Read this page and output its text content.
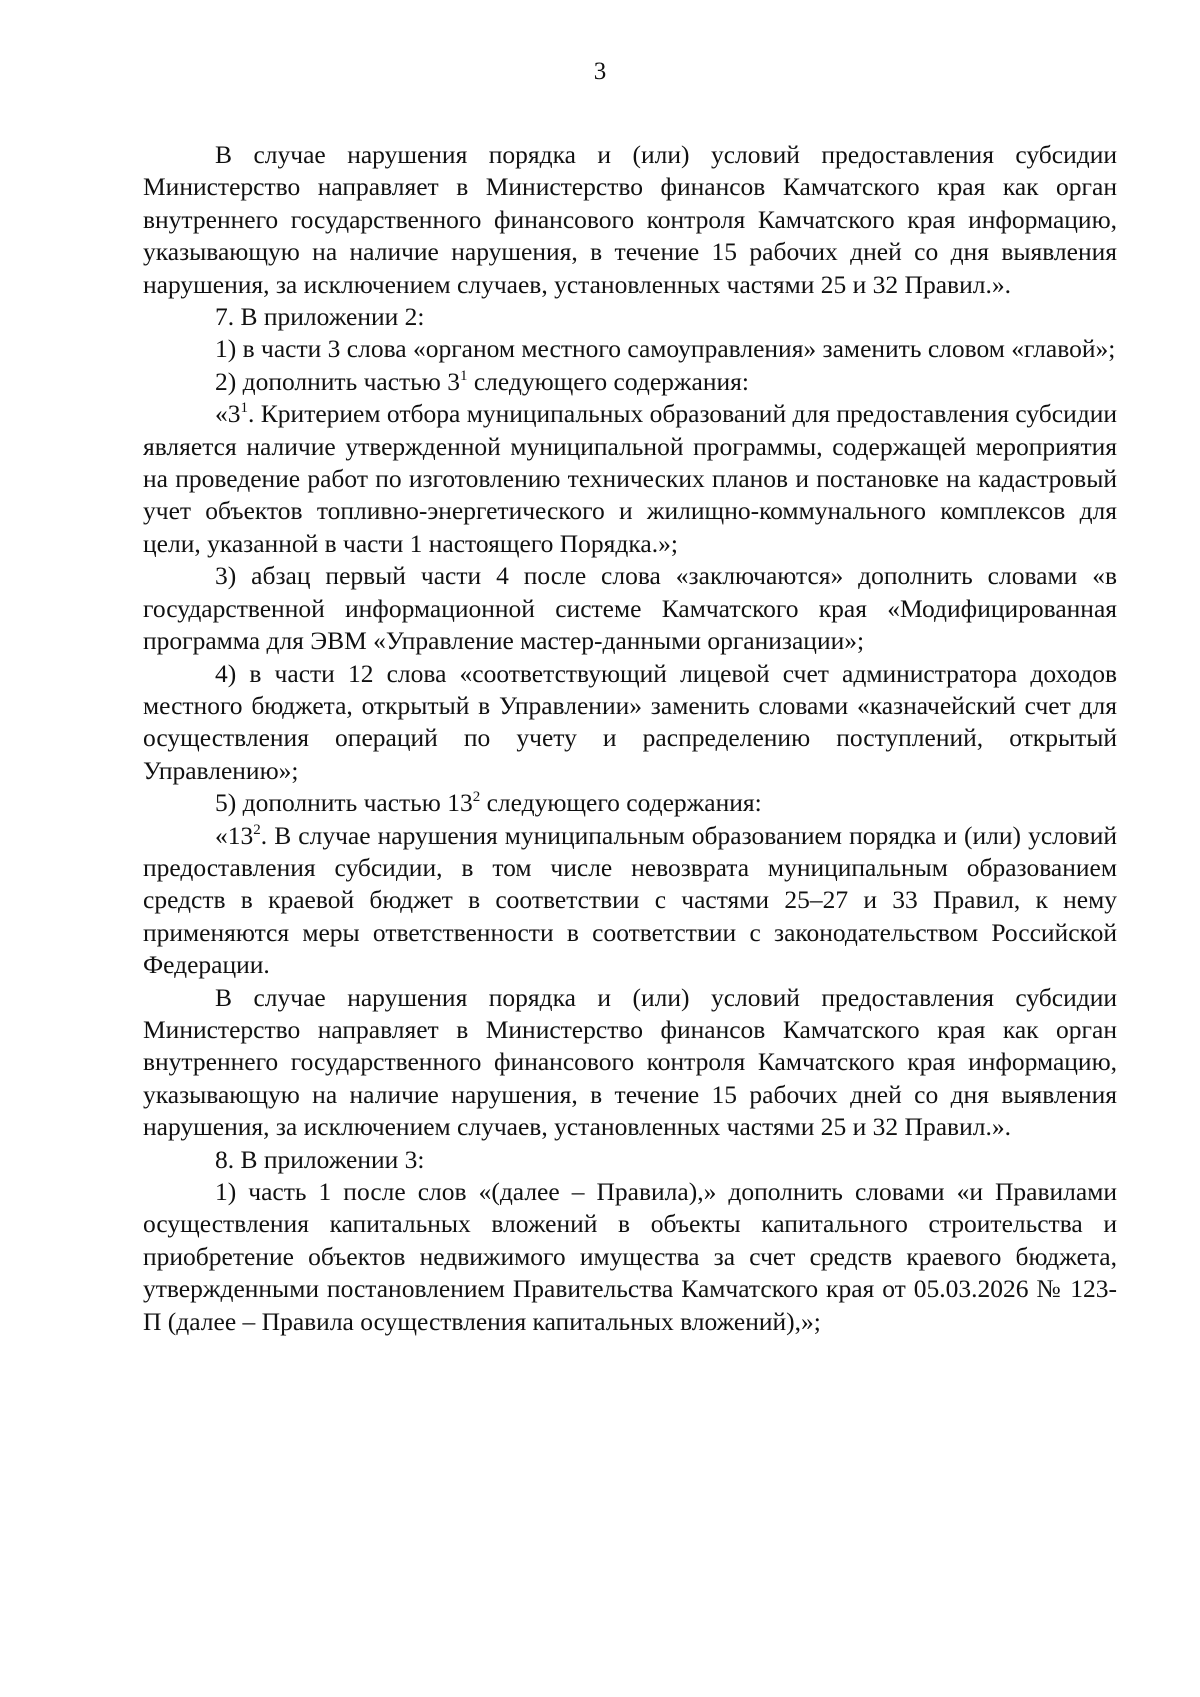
3

В случае нарушения порядка и (или) условий предоставления субсидии Министерство направляет в Министерство финансов Камчатского края как орган внутреннего государственного финансового контроля Камчатского края информацию, указывающую на наличие нарушения, в течение 15 рабочих дней со дня выявления нарушения, за исключением случаев, установленных частями 25 и 32 Правил.».

7. В приложении 2:

1) в части 3 слова «органом местного самоуправления» заменить словом «главой»;

2) дополнить частью $3^1$ следующего содержания:

«$3^1$. Критерием отбора муниципальных образований для предоставления субсидии является наличие утвержденной муниципальной программы, содержащей мероприятия на проведение работ по изготовлению технических планов и постановке на кадастровый учет объектов топливно-энергетического и жилищно-коммунального комплексов для цели, указанной в части 1 настоящего Порядка.»;

3) абзац первый части 4 после слова «заключаются» дополнить словами «в государственной информационной системе Камчатского края «Модифицированная программа для ЭВМ «Управление мастер-данными организации»;

4) в части 12 слова «соответствующий лицевой счет администратора доходов местного бюджета, открытый в Управлении» заменить словами «казначейский счет для осуществления операций по учету и распределению поступлений, открытый Управлению»;

5) дополнить частью $13^2$ следующего содержания:

«$13^2$. В случае нарушения муниципальным образованием порядка и (или) условий предоставления субсидии, в том числе невозврата муниципальным образованием средств в краевой бюджет в соответствии с частями 25–27 и 33 Правил, к нему применяются меры ответственности в соответствии с законодательством Российской Федерации.

В случае нарушения порядка и (или) условий предоставления субсидии Министерство направляет в Министерство финансов Камчатского края как орган внутреннего государственного финансового контроля Камчатского края информацию, указывающую на наличие нарушения, в течение 15 рабочих дней со дня выявления нарушения, за исключением случаев, установленных частями 25 и 32 Правил.».

8. В приложении 3:

1) часть 1 после слов «(далее – Правила),» дополнить словами «и Правилами осуществления капитальных вложений в объекты капитального строительства и приобретение объектов недвижимого имущества за счет средств краевого бюджета, утвержденными постановлением Правительства Камчатского края от 05.03.2026 № 123-П (далее – Правила осуществления капитальных вложений),»;
